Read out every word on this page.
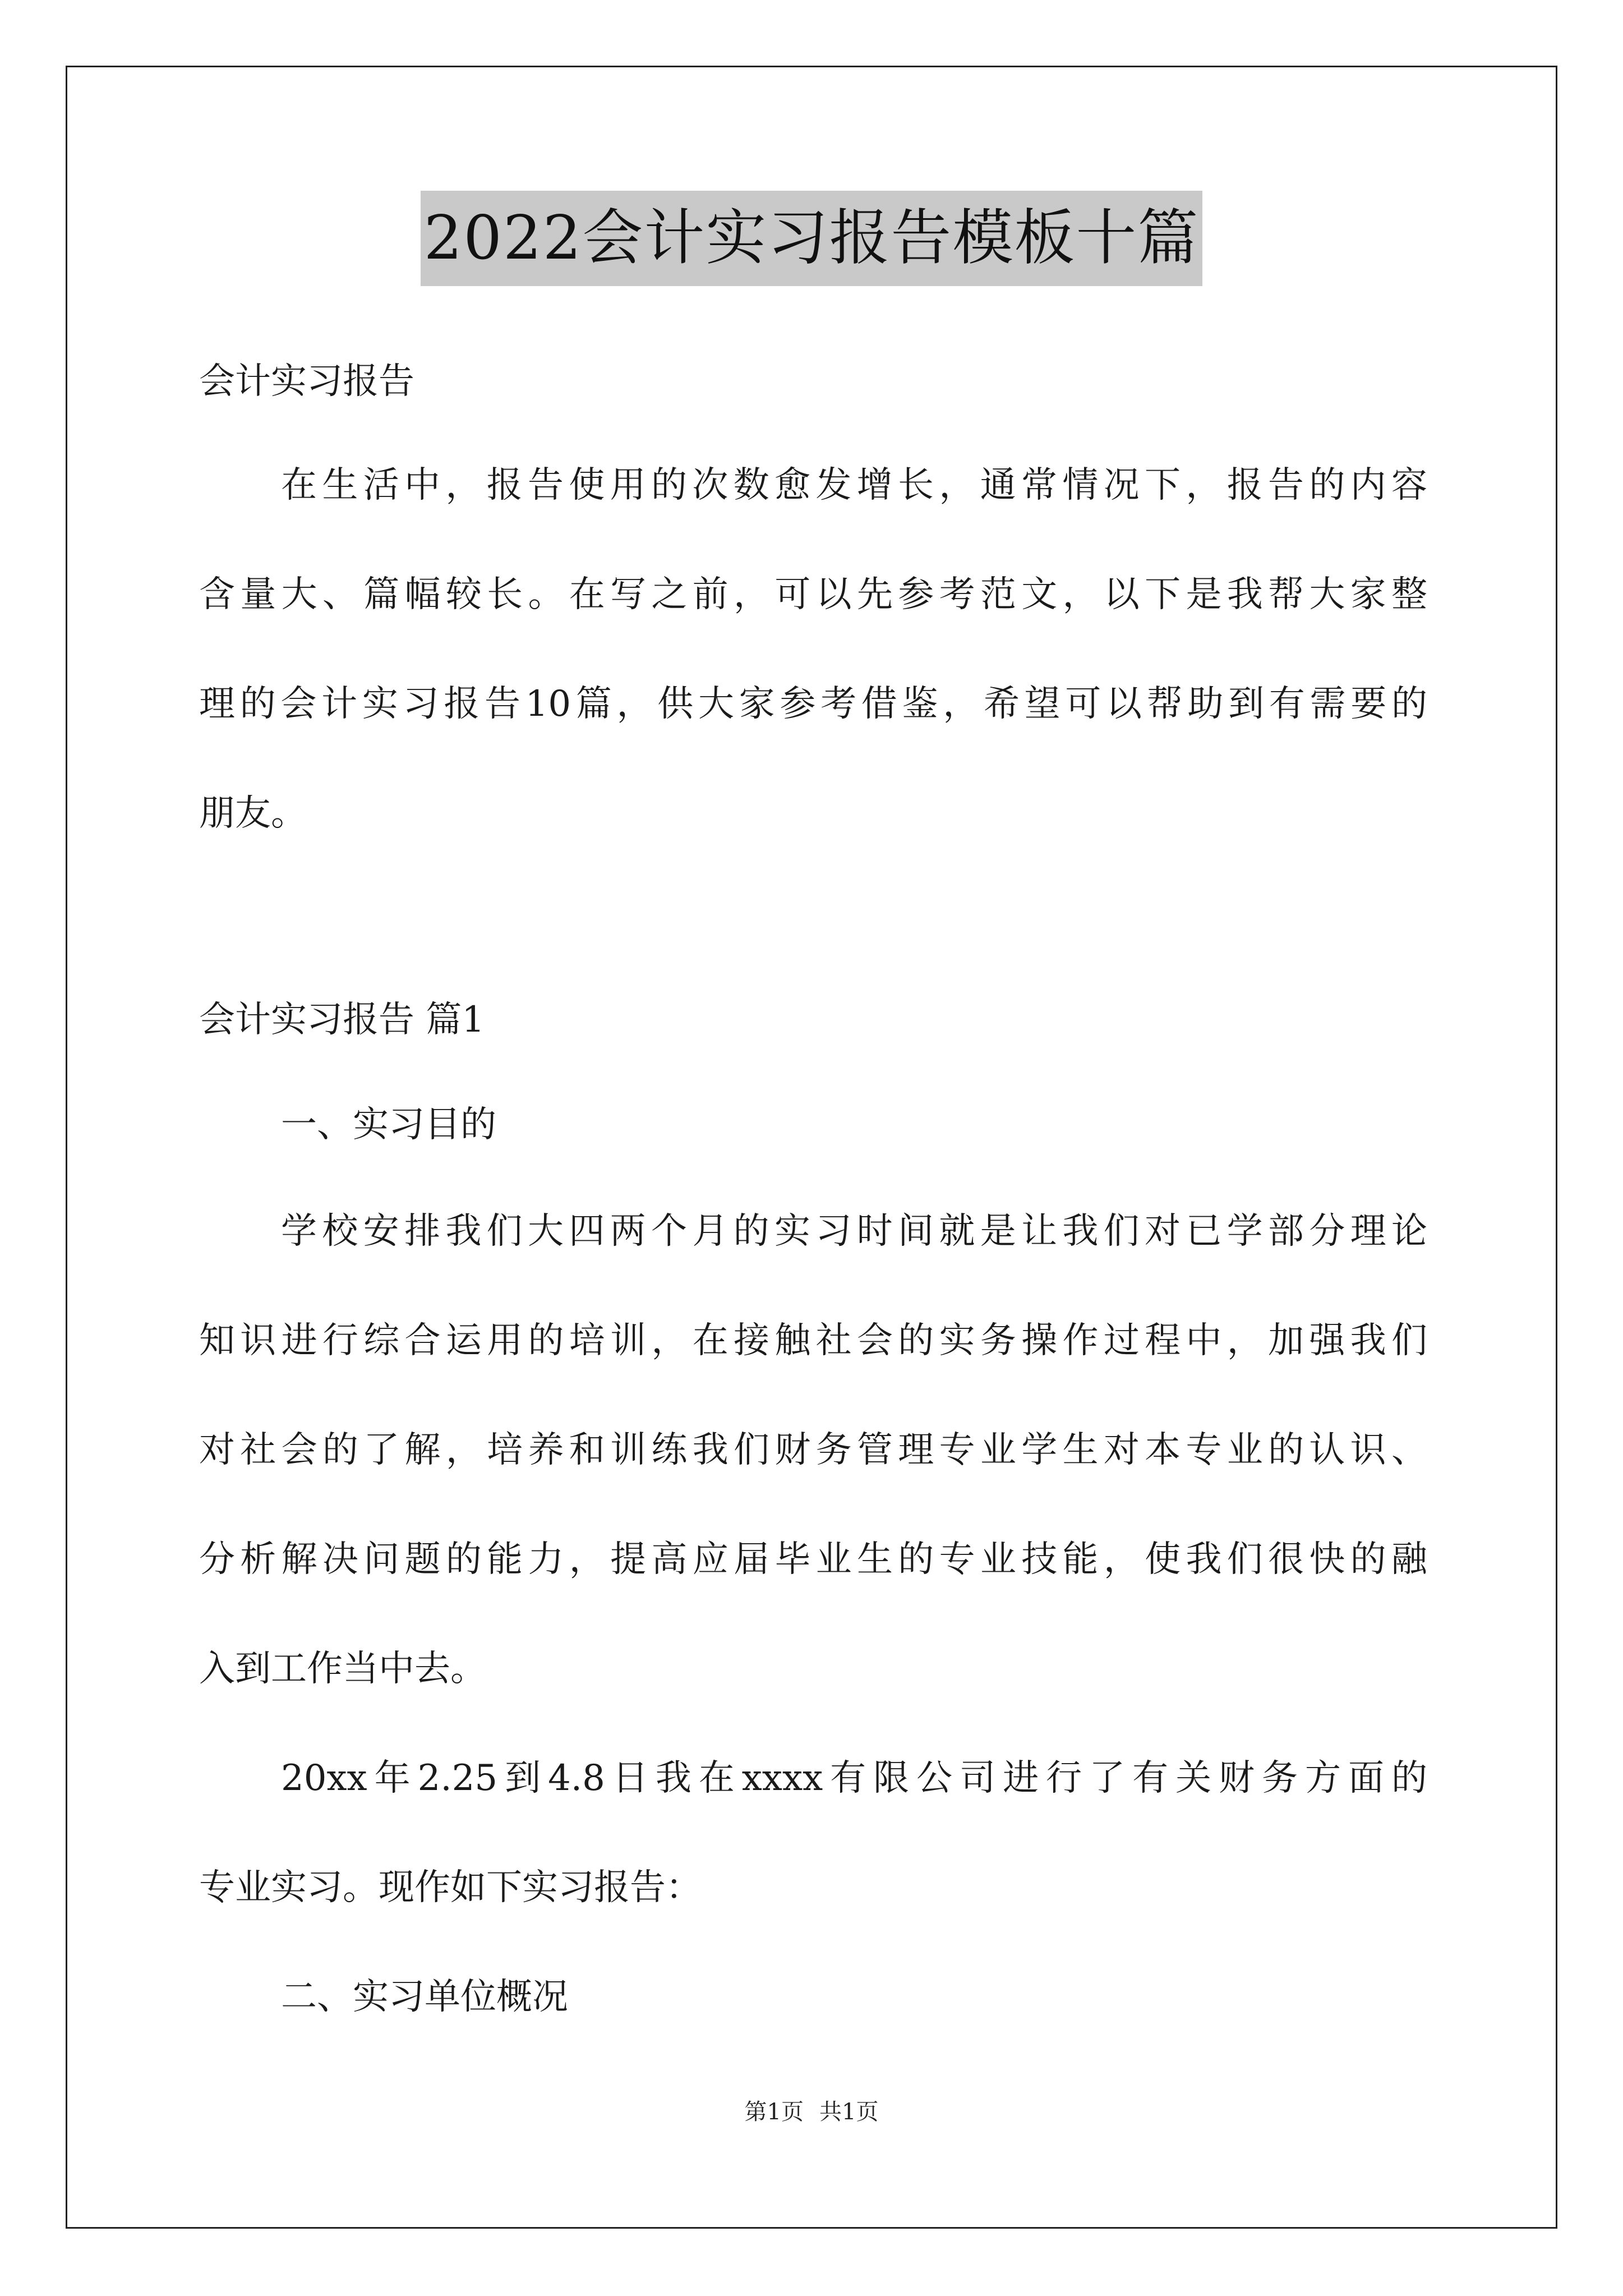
2022会计实习报告模板十篇
会计实习报告
在生活中，报告使用的次数愈发增长，通常情况下，报告的内容
含量大、篇幅较长。在写之前，可以先参考范文，以下是我帮大家整
理的会计实习报告10篇，供大家参考借鉴，希望可以帮助到有需要的
朋友。
会计实习报告 篇1
一、实习目的
学校安排我们大四两个月的实习时间就是让我们对已学部分理论
知识进行综合运用的培训，在接触社会的实务操作过程中，加强我们
对社会的了解，培养和训练我们财务管理专业学生对本专业的认识、
分析解决问题的能力，提高应届毕业生的专业技能，使我们很快的融
入到工作当中去。
20xx年2.25到4.8日我在xxxx有限公司进行了有关财务方面的
专业实习。现作如下实习报告：
二、实习单位概况
第1页 共1页
